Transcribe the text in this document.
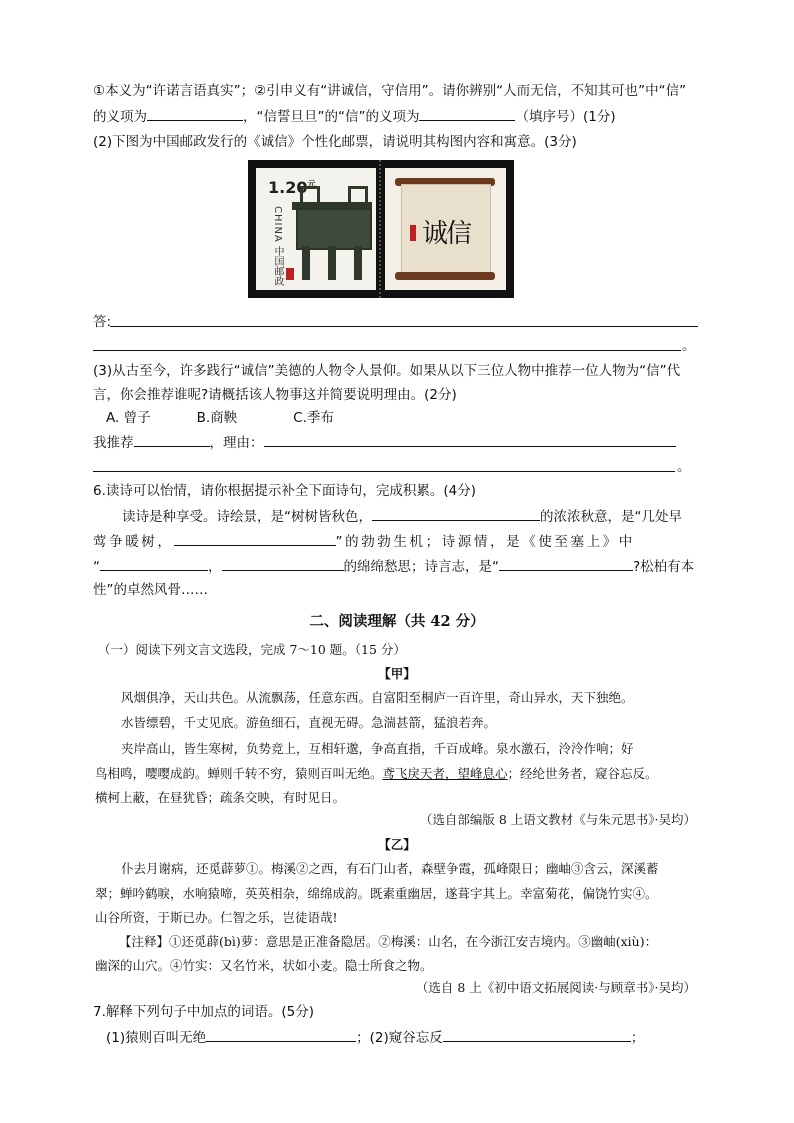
①本义为“许诺言语真实”；②引申义有“讲诚信，守信用”。请你辨别“人而无信，不知其可也”中“信”
的义项为	，“信誓旦旦”的“信”的义项为	（填序号）(1分)
(2)下图为中国邮政发行的《诚信》个性化邮票，请说明其构图内容和寓意。(3分)
$1.20^元$
CHINA
中国邮政
诚信
答:
。
(3)从古至今，许多践行“诚信”美德的人物令人景仰。如果从以下三位人物中推荐一位人物为“信”代
言，你会推荐谁呢?请概括该人物事这并简要说明理由。(2分)
A. 曾子	B.商鞅	C.季布
我推荐	，理由：
。
6.读诗可以怡情，请你根据提示补全下面诗句，完成积累。(4分)
读诗是种享受。诗绘景，是“树树皆秋色，	的浓浓秋意，是“几处早
莺争暖树，	”的勃勃生机；诗源情，是《使至塞上》中
“	，	的绵绵愁思；诗言志，是“	?松柏有本
性”的卓然风骨……
二、阅读理解（共 42 分）
（一）阅读下列文言文选段，完成 7～10 题。（15 分）
【甲】
风烟俱净，天山共色。从流飘荡，任意东西。自富阳至桐庐一百许里，奇山异水，天下独绝。
水皆缥碧，千丈见底。游鱼细石，直视无碍。急湍甚箭，猛浪若奔。
夹岸高山，皆生寒树，负势竞上，互相轩邈，争高直指，千百成峰。泉水激石，泠泠作响；好
鸟相鸣，嘤嘤成韵。蝉则千转不穷，猿则百叫无绝。鸢飞戾天者，望峰息心；经纶世务者，窥谷忘反。
横柯上蔽，在昼犹昏；疏条交映，有时见日。
（选自部编版 8 上语文教材《与朱元思书》·吴均）
【乙】
仆去月谢病，还觅薜萝①。梅溪②之西，有石门山者，森壁争霞，孤峰限日；幽岫③含云，深溪蓄
翠；蝉吟鹤唳，水响猿啼，英英相杂，绵绵成韵。既素重幽居，遂葺宇其上。幸富菊花，偏饶竹实④。
山谷所资，于斯已办。仁智之乐，岂徒语哉!
【注释】①还觅薜(bì)萝：意思是正准备隐居。②梅溪：山名，在今浙江安吉境内。③幽岫(xiù)：
幽深的山穴。④竹实：又名竹米，状如小麦。隐士所食之物。
（选自 8 上《初中语文拓展阅读·与顾章书》·吴均）
7.解释下列句子中加点的词语。(5分)
(1)猿则百叫无绝	；(2)窥谷忘反	；
